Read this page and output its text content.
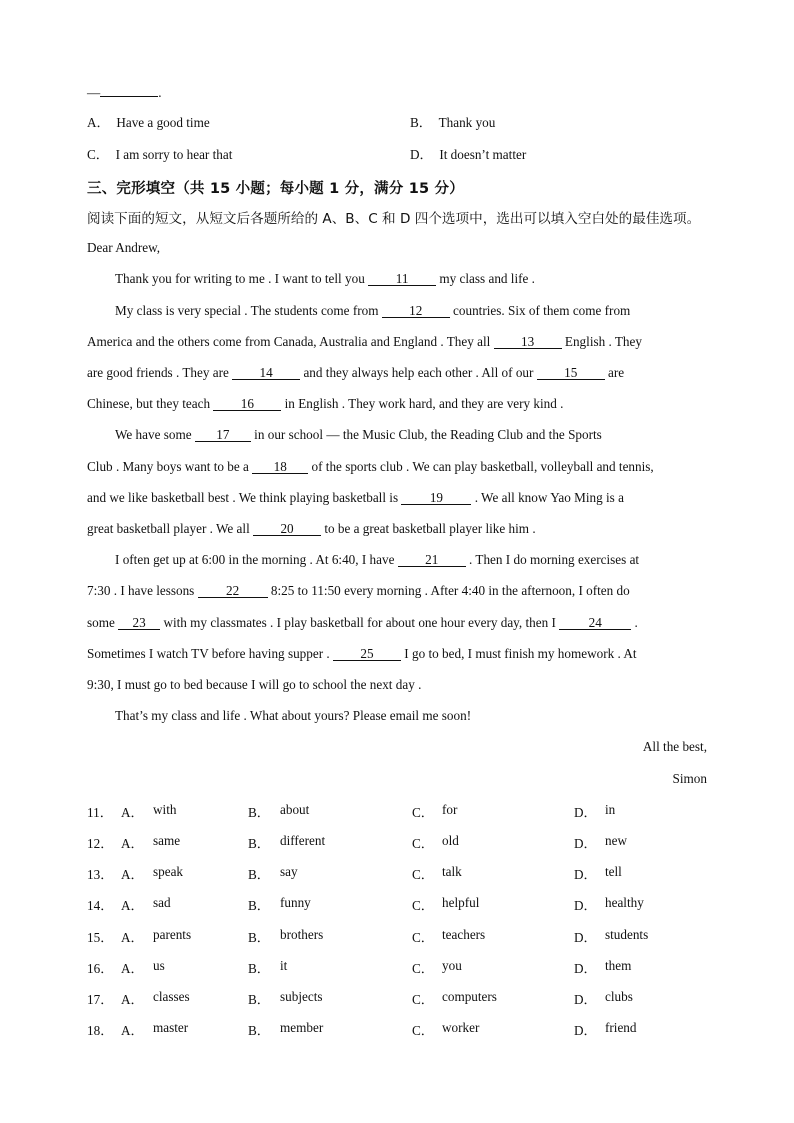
—	.
A． Have a good time	B． Thank you
C． I am sorry to hear that	D． It doesn’t matter
三、完形填空（共 15 小题；每小题 1 分，满分 15 分）
阅读下面的短文，从短文后各题所给的 A、B、C 和 D 四个选项中，选出可以填入空白处的最佳选项。
Dear Andrew,
Thank you for writing to me . I want to tell you 11 my class and life .
My class is very special . The students come from 12 countries. Six of them come from
America and the others come from Canada, Australia and England . They all 13 English . They
are good friends . They are 14 and they always help each other . All of our 15 are
Chinese, but they teach 16 in English . They work hard, and they are very kind .
We have some 17 in our school — the Music Club, the Reading Club and the Sports
Club . Many boys want to be a 18 of the sports club . We can play basketball, volleyball and tennis,
and we like basketball best . We think playing basketball is 19 . We all know Yao Ming is a
great basketball player . We all 20 to be a great basketball player like him .
I often get up at 6:00 in the morning . At 6:40, I have 21 . Then I do morning exercises at
7:30 . I have lessons 22 8:25 to 11:50 every morning . After 4:40 in the afternoon, I often do
some 23 with my classmates . I play basketball for about one hour every day, then I 24 .
Sometimes I watch TV before having supper . 25 I go to bed, I must finish my homework . At
9:30, I must go to bed because I will go to school the next day .
That’s my class and life . What about yours? Please email me soon!
All the best,
Simon
11． A． with	B． about	C． for	D． in
12． A． same	B． different	C． old	D． new
13． A． speak	B． say	C． talk	D． tell
14． A． sad	B． funny	C． helpful	D． healthy
15． A． parents	B． brothers	C． teachers	D． students
16． A． us	B． it	C． you	D． them
17． A． classes	B． subjects	C． computers	D． clubs
18． A． master	B． member	C． worker	D． friend
